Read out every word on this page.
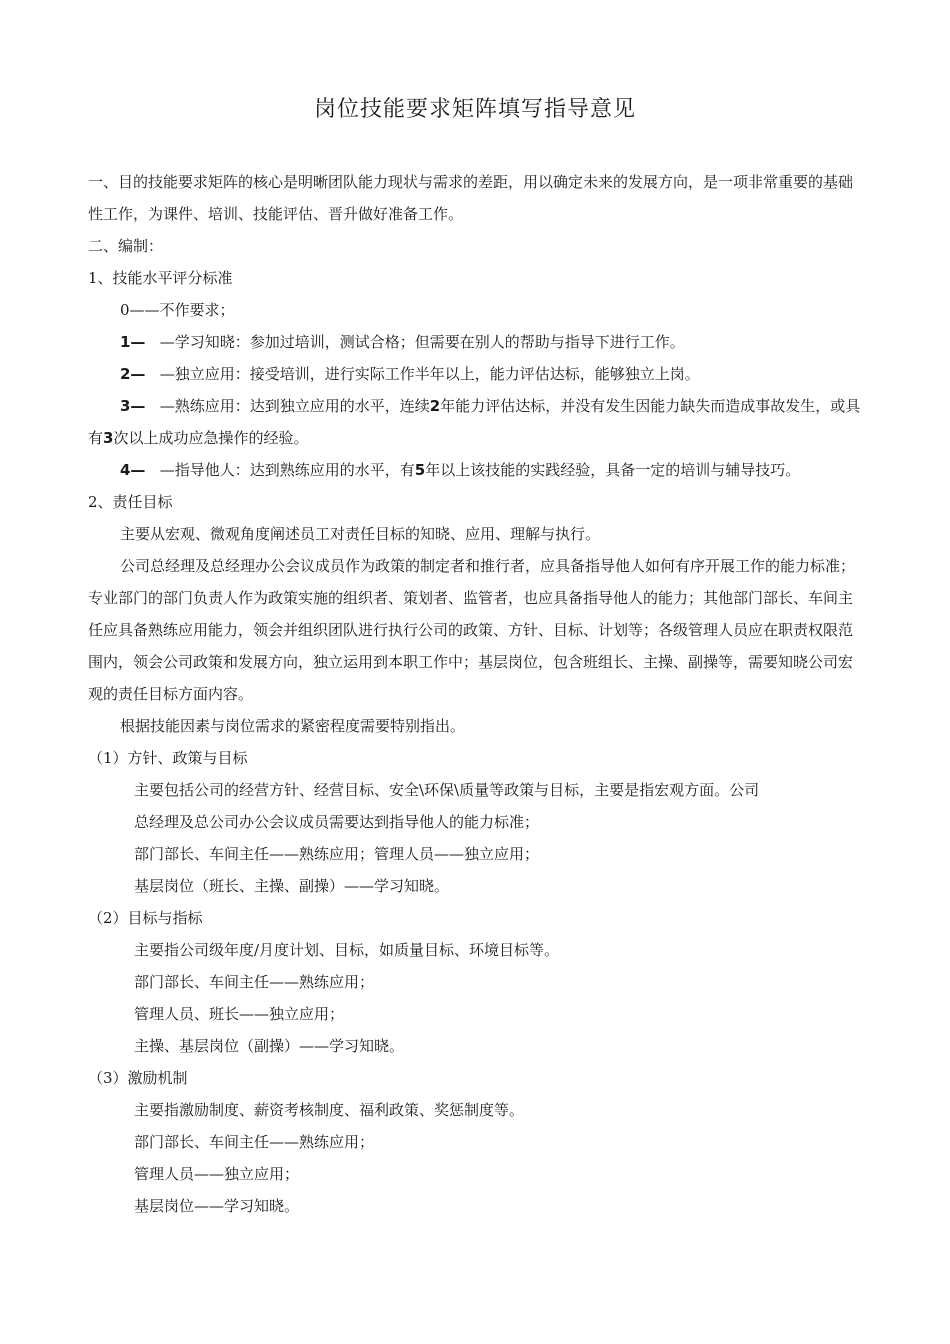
岗位技能要求矩阵填写指导意见

一、目的技能要求矩阵的核心是明晰团队能力现状与需求的差距，用以确定未来的发展方向，是一项非常重要的基础性工作，为课件、培训、技能评估、晋升做好准备工作。

二、编制：

1、技能水平评分标准

0——不作要求；

1— —学习知晓：参加过培训，测试合格；但需要在别人的帮助与指导下进行工作。

2— —独立应用：接受培训，进行实际工作半年以上，能力评估达标，能够独立上岗。

3— —熟练应用：达到独立应用的水平，连续2年能力评估达标，并没有发生因能力缺失而造成事故发生，或具有3次以上成功应急操作的经验。

4— —指导他人：达到熟练应用的水平，有5年以上该技能的实践经验，具备一定的培训与辅导技巧。

2、责任目标

主要从宏观、微观角度阐述员工对责任目标的知晓、应用、理解与执行。

公司总经理及总经理办公会议成员作为政策的制定者和推行者，应具备指导他人如何有序开展工作的能力标准；专业部门的部门负责人作为政策实施的组织者、策划者、监管者，也应具备指导他人的能力；其他部门部长、车间主任应具备熟练应用能力，领会并组织团队进行执行公司的政策、方针、目标、计划等；各级管理人员应在职责权限范围内，领会公司政策和发展方向，独立运用到本职工作中；基层岗位，包含班组长、主操、副操等，需要知晓公司宏观的责任目标方面内容。

根据技能因素与岗位需求的紧密程度需要特别指出。

（1）方针、政策与目标

主要包括公司的经营方针、经营目标、安全\环保\质量等政策与目标，主要是指宏观方面。公司

总经理及总公司办公会议成员需要达到指导他人的能力标准；

部门部长、车间主任——熟练应用；管理人员——独立应用；

基层岗位（班长、主操、副操）——学习知晓。

（2）目标与指标

主要指公司级年度/月度计划、目标，如质量目标、环境目标等。

部门部长、车间主任——熟练应用；

管理人员、班长——独立应用；

主操、基层岗位（副操）——学习知晓。

（3）激励机制

主要指激励制度、薪资考核制度、福利政策、奖惩制度等。

部门部长、车间主任——熟练应用；

管理人员——独立应用；

基层岗位——学习知晓。
